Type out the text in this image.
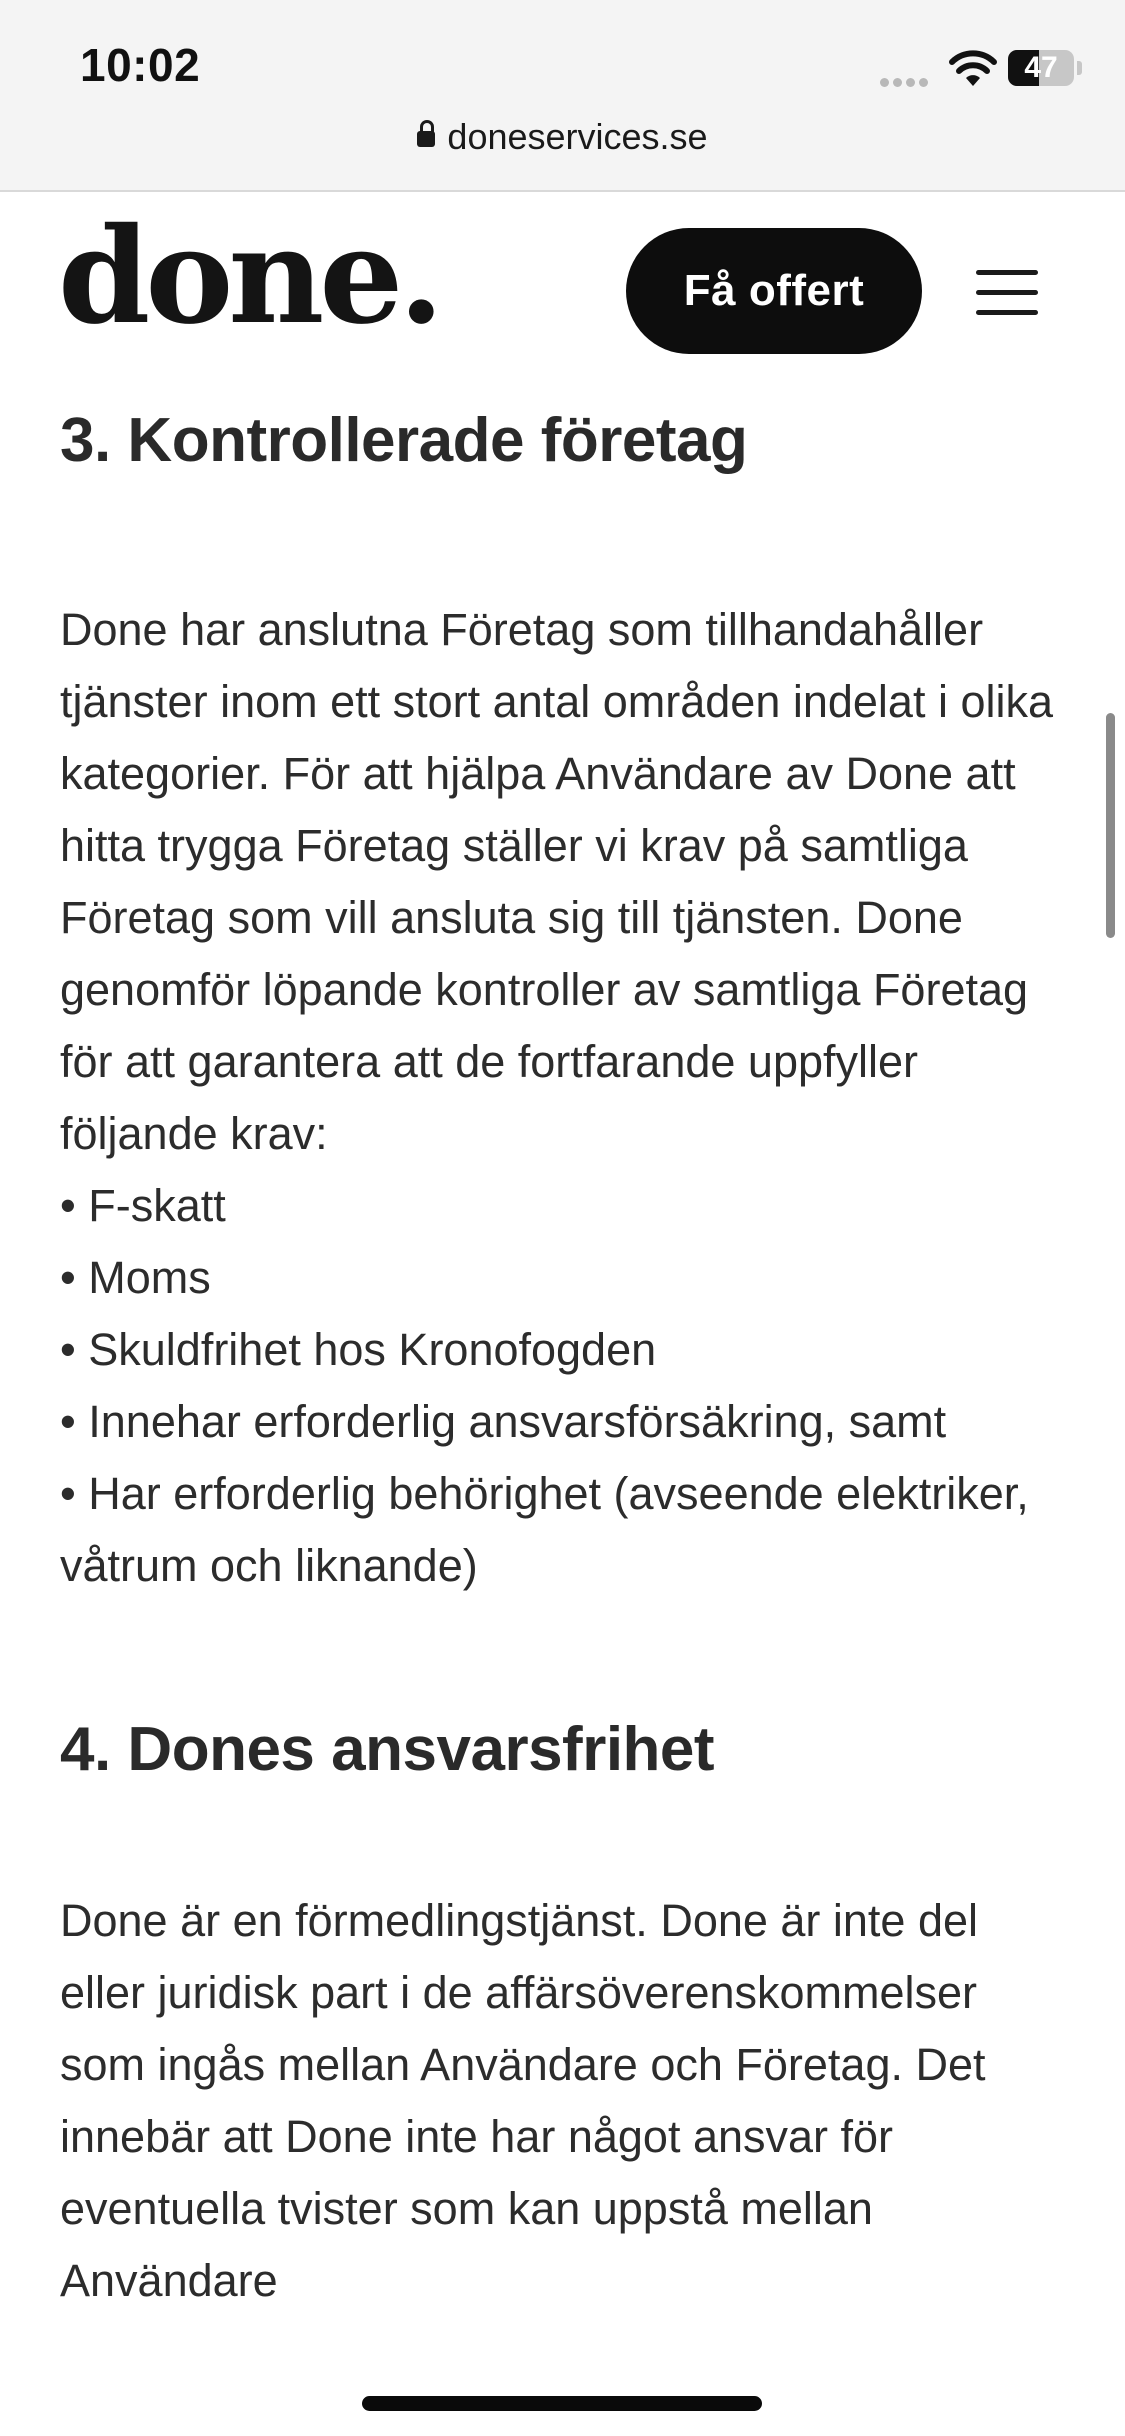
10:02	47
doneservices.se
done.	Få offert
3. Kontrollerade företag

Done har anslutna Företag som tillhandahåller tjänster inom ett stort antal områden indelat i olika kategorier. För att hjälpa Användare av Done att hitta trygga Företag ställer vi krav på samtliga Företag som vill ansluta sig till tjänsten. Done genomför löpande kontroller av samtliga Företag för att garantera att de fortfarande uppfyller följande krav:

• F-skatt
• Moms
• Skuldfrihet hos Kronofogden
• Innehar erforderlig ansvarsförsäkring, samt
• Har erforderlig behörighet (avseende elektriker, våtrum och liknande)
4. Dones ansvarsfrihet

Done är en förmedlingstjänst. Done är inte del eller juridisk part i de affärsöverenskommelser som ingås mellan Användare och Företag. Det innebär att Done inte har något ansvar för eventuella tvister som kan uppstå mellan Användare
